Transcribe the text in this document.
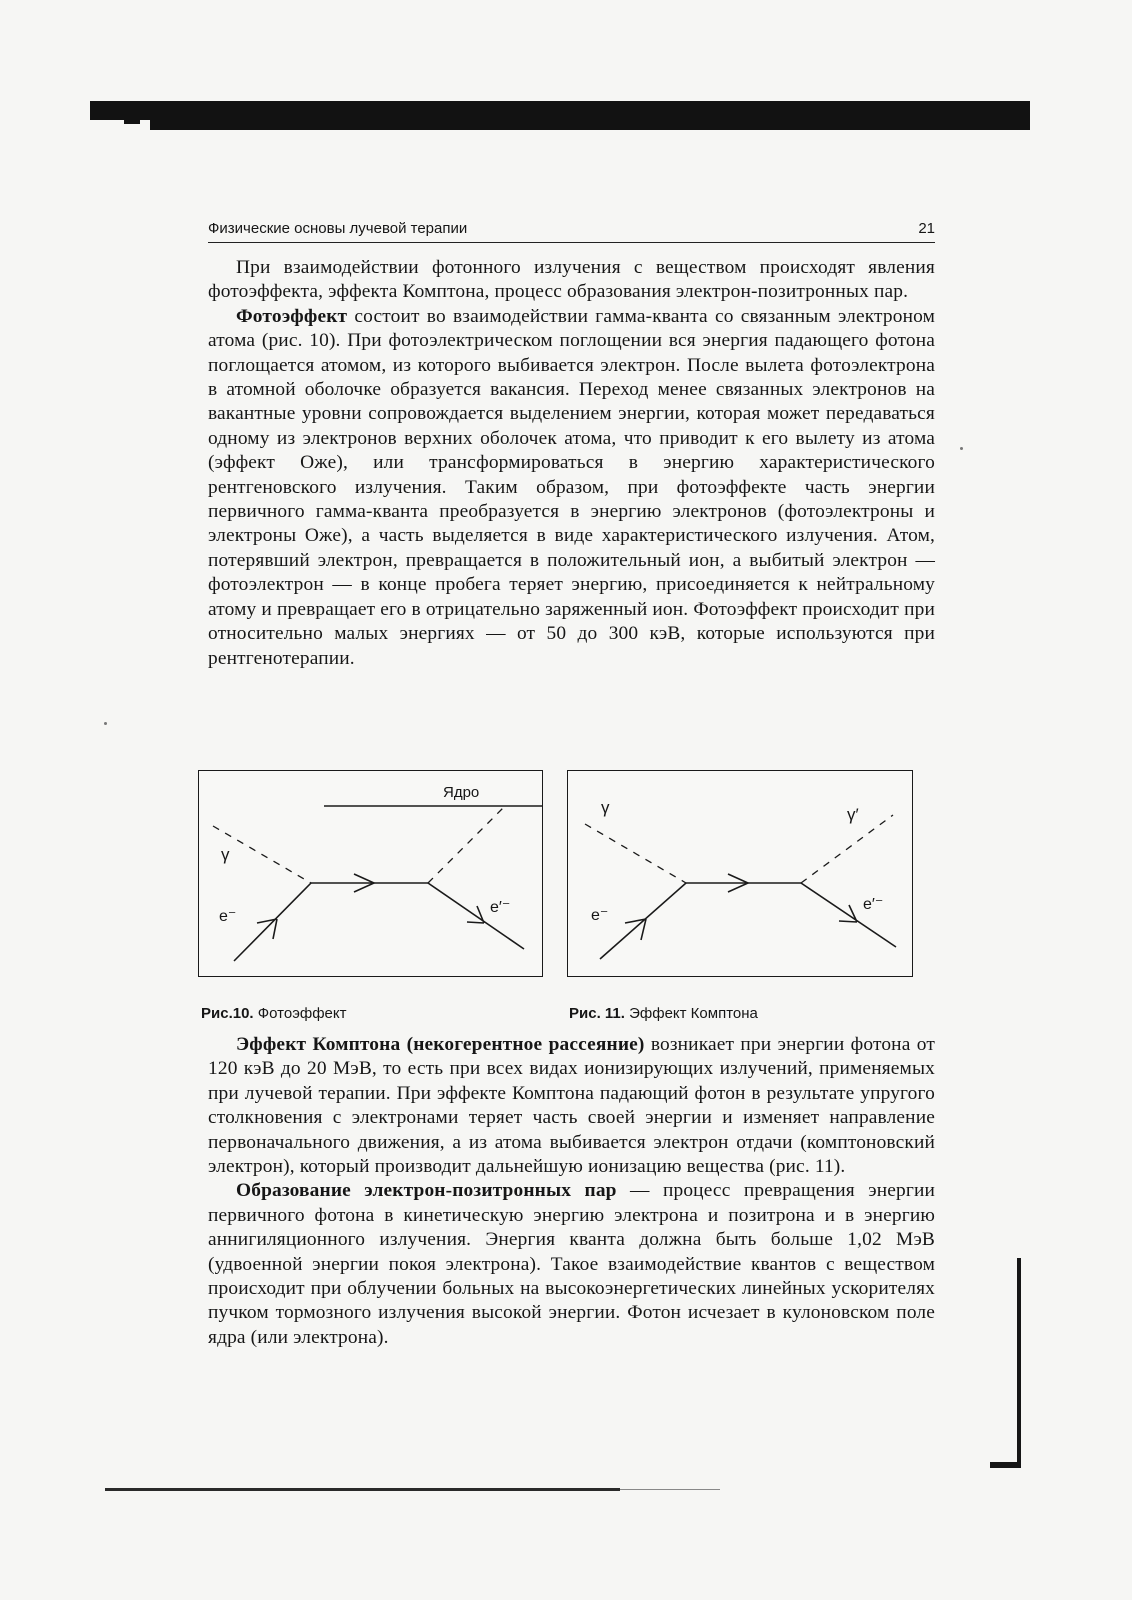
Физические основы лучевой терапии	21

При взаимодействии фотонного излучения с веществом происходят явления фотоэффекта, эффекта Комптона, процесс образования электрон-позитронных пар.

Фотоэффект состоит во взаимодействии гамма-кванта со связанным электроном атома (рис. 10). При фотоэлектрическом поглощении вся энергия падающего фотона поглощается атомом, из которого выбивается электрон. После вылета фотоэлектрона в атомной оболочке образуется вакансия. Переход менее связанных электронов на вакантные уровни сопровождается выделением энергии, которая может передаваться одному из электронов верхних оболочек атома, что приводит к его вылету из атома (эффект Оже), или трансформироваться в энергию характеристического рентгеновского излучения. Таким образом, при фотоэффекте часть энергии первичного гамма-кванта преобразуется в энергию электронов (фотоэлектроны и электроны Оже), а часть выделяется в виде характеристического излучения. Атом, потерявший электрон, превращается в положительный ион, а выбитый электрон — фотоэлектрон — в конце пробега теряет энергию, присоединяется к нейтральному атому и превращает его в отрицательно заряженный ион. Фотоэффект происходит при относительно малых энергиях — от 50 до 300 кэВ, которые используются при рентгенотерапии.

Ядро
γ
e⁻
e′⁻
Рис.10. Фотоэффект
γ	γ′
e⁻
e′⁻
Рис. 11. Эффект Комптона

Эффект Комптона (некогерентное рассеяние) возникает при энергии фотона от 120 кэВ до 20 МэВ, то есть при всех видах ионизирующих излучений, применяемых при лучевой терапии. При эффекте Комптона падающий фотон в результате упругого столкновения с электронами теряет часть своей энергии и изменяет направление первоначального движения, а из атома выбивается электрон отдачи (комптоновский электрон), который производит дальнейшую ионизацию вещества (рис. 11).

Образование электрон-позитронных пар — процесс превращения энергии первичного фотона в кинетическую энергию электрона и позитрона и в энергию аннигиляционного излучения. Энергия кванта должна быть больше 1,02 МэВ (удвоенной энергии покоя электрона). Такое взаимодействие квантов с веществом происходит при облучении больных на высокоэнергетических линейных ускорителях пучком тормозного излучения высокой энергии. Фотон исчезает в кулоновском поле ядра (или электрона).
